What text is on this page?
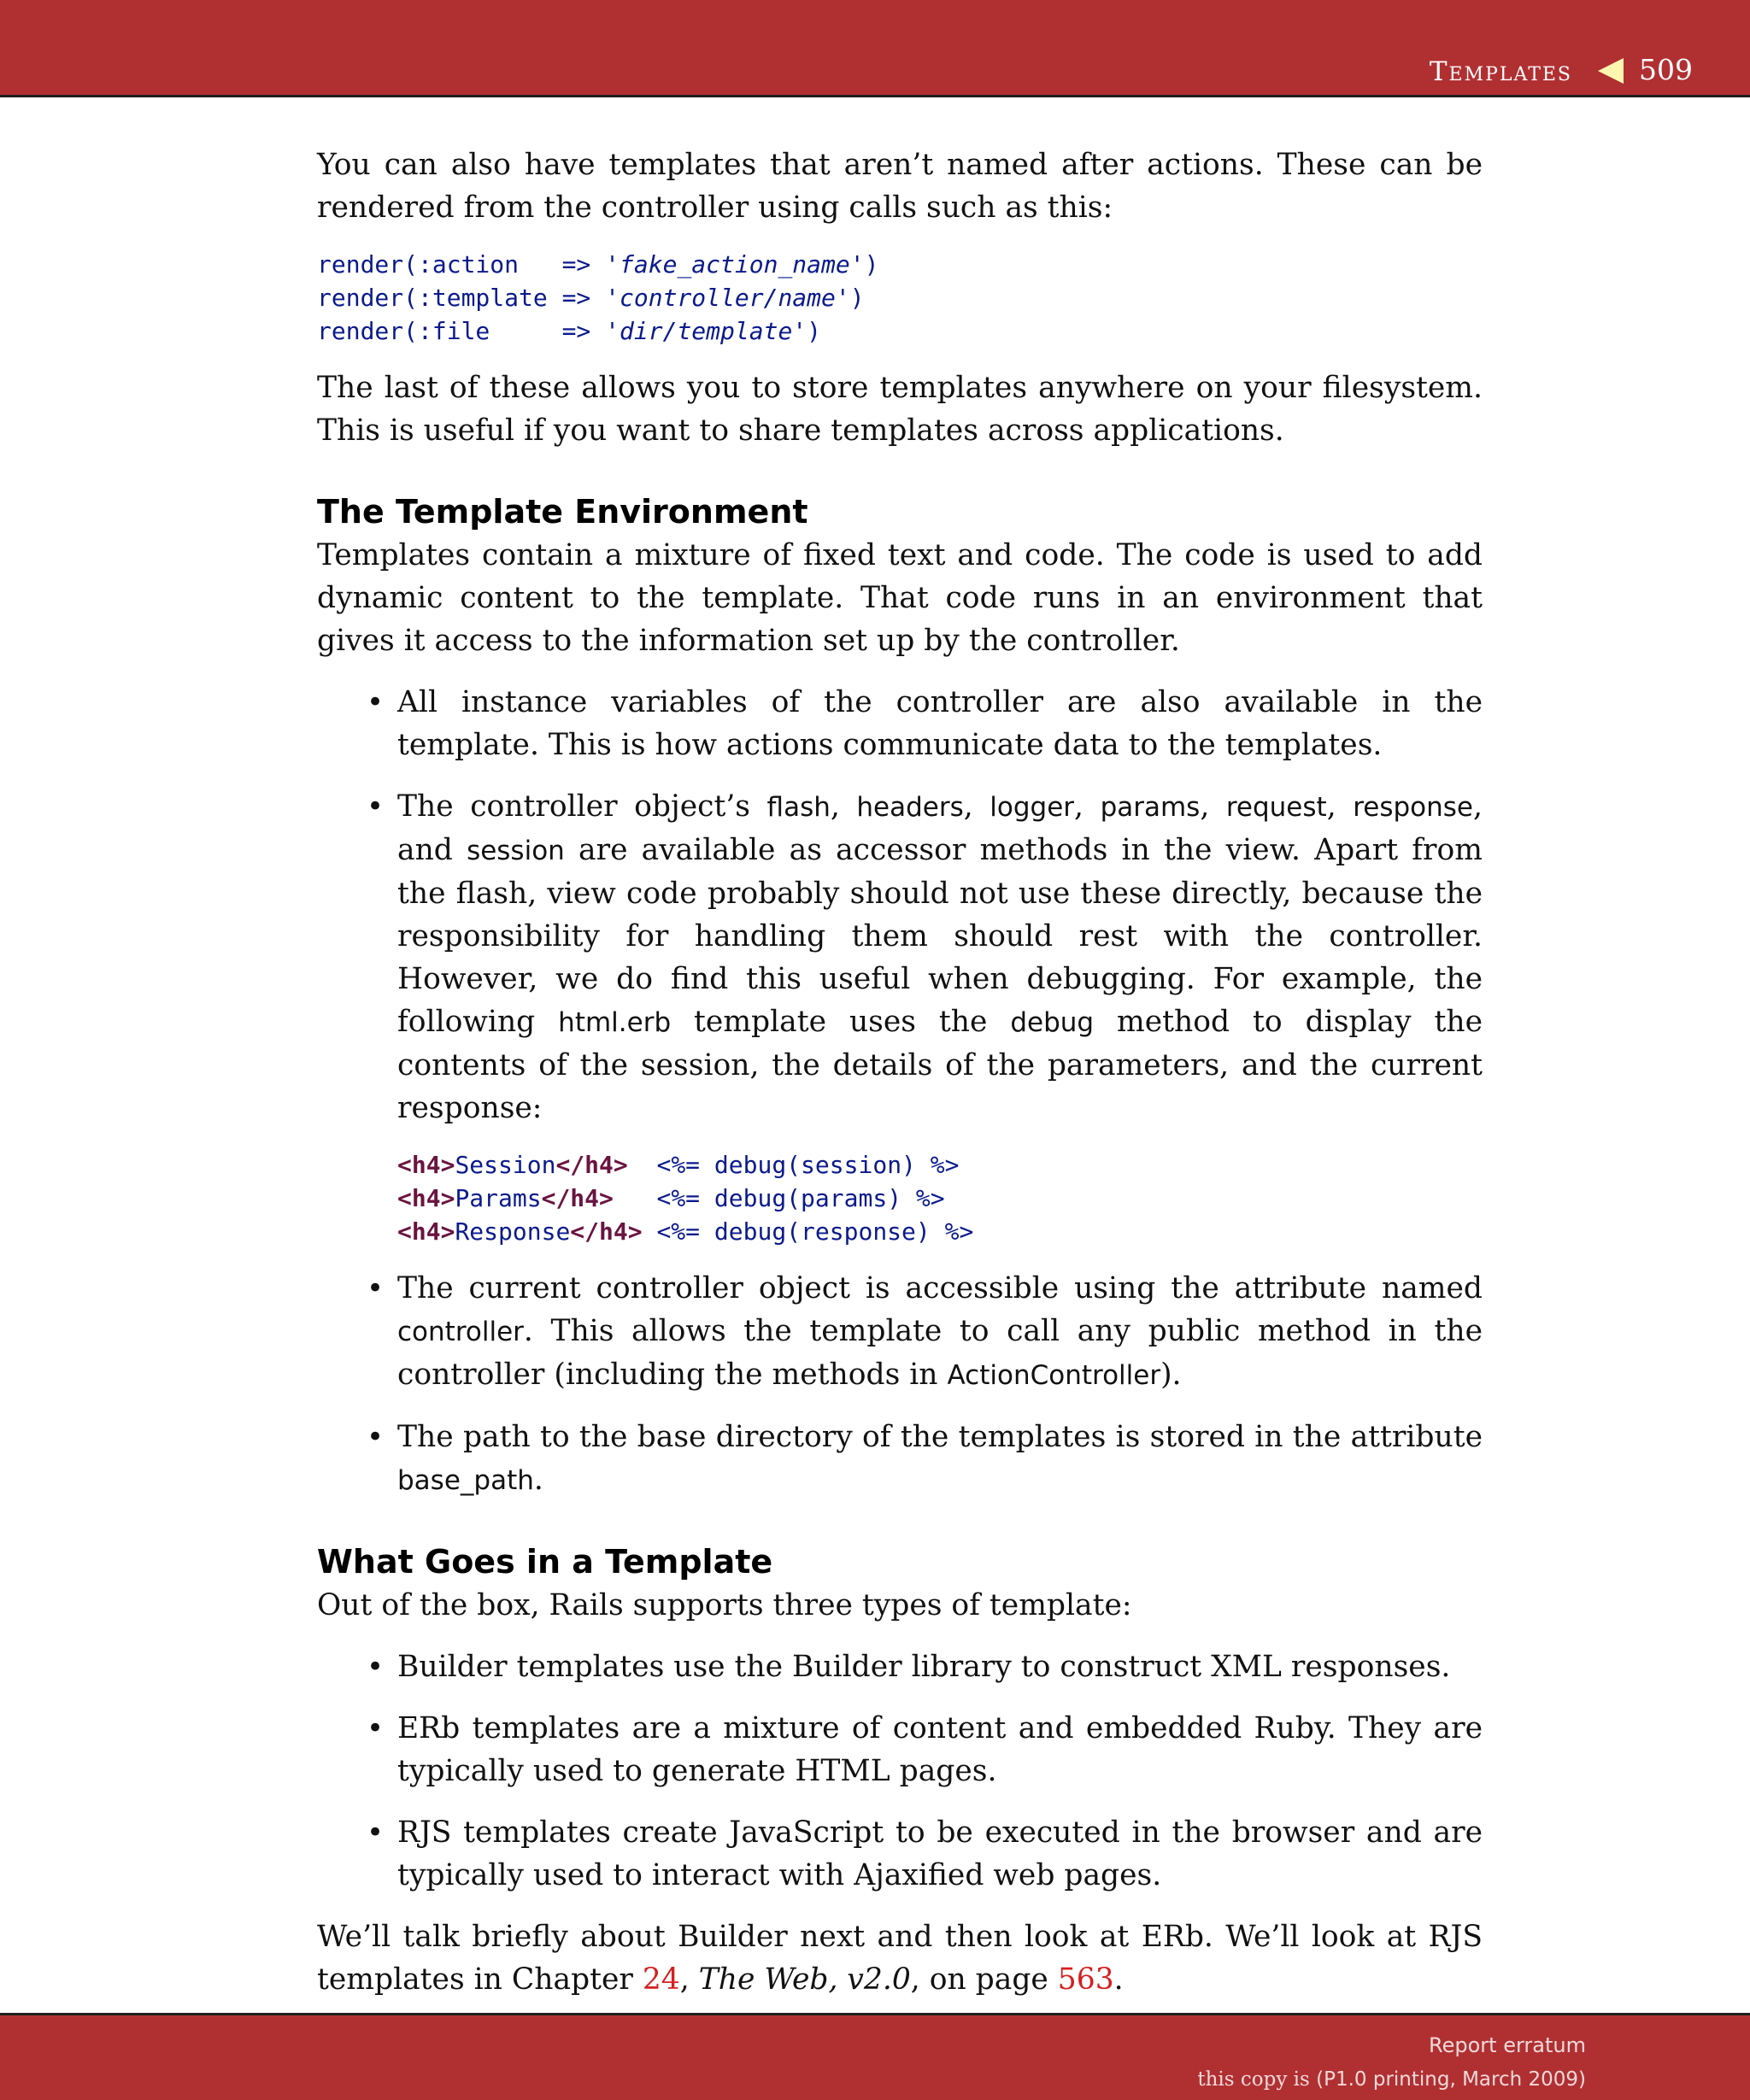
Templates 509

You can also have templates that aren’t named after actions. These can be rendered from the controller using calls such as this:

render(:action   => 'fake_action_name')
render(:template => 'controller/name')
render(:file     => 'dir/template')

The last of these allows you to store templates anywhere on your filesystem. This is useful if you want to share templates across applications.

The Template Environment

Templates contain a mixture of fixed text and code. The code is used to add dynamic content to the template. That code runs in an environment that gives it access to the information set up by the controller.

• All instance variables of the controller are also available in the template. This is how actions communicate data to the templates.
• The controller object’s flash, headers, logger, params, request, response, and session are available as accessor methods in the view. Apart from the flash, view code probably should not use these directly, because the responsibility for handling them should rest with the controller. However, we do find this useful when debugging. For example, the following html.erb template uses the debug method to display the contents of the session, the details of the parameters, and the current response:
<h4>Session</h4> <%= debug(session) %>
<h4>Params</h4> <%= debug(params) %>
<h4>Response</h4> <%= debug(response) %>
• The current controller object is accessible using the attribute named controller. This allows the template to call any public method in the controller (including the methods in ActionController).
• The path to the base directory of the templates is stored in the attribute base_path.
What Goes in a Template

Out of the box, Rails supports three types of template:

• Builder templates use the Builder library to construct XML responses.
• ERb templates are a mixture of content and embedded Ruby. They are typically used to generate HTML pages.
• RJS templates create JavaScript to be executed in the browser and are typically used to interact with Ajaxified web pages.

We’ll talk briefly about Builder next and then look at ERb. We’ll look at RJS templates in Chapter 24, The Web, v2.0, on page 563.

Report erratum
this copy is (P1.0 printing, March 2009)
